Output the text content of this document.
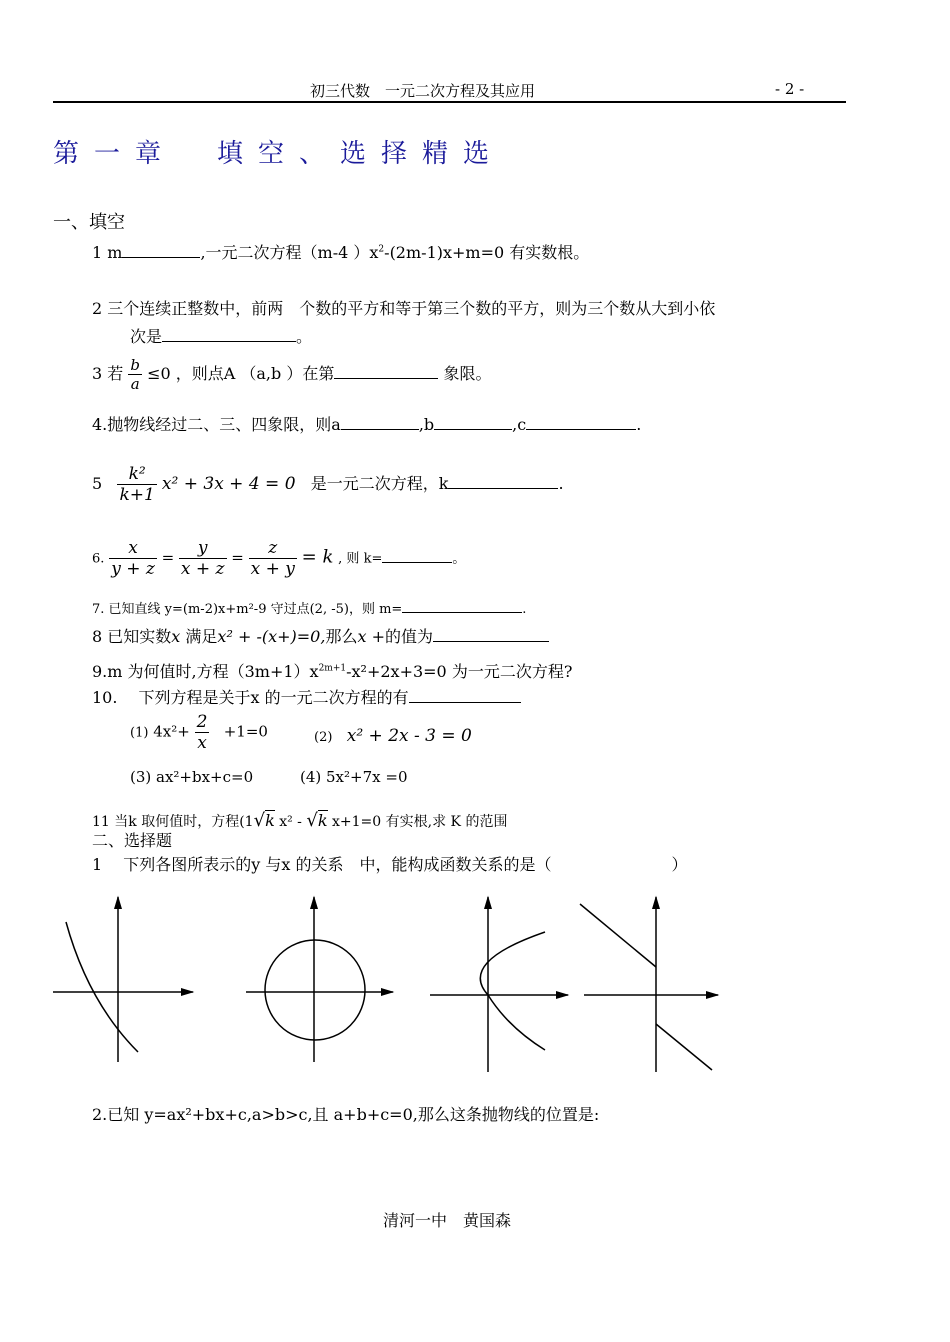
初三代数　一元二次方程及其应用	- 2 -
第一章　填空、选择精选
一、填空
1 m	,一元二次方程（m-4 ）$x^2-(2m-1)x+m=0$ 有实数根。
2 三个连续正整数中，前两　个数的平方和等于第三个数的平方，则为三个数从大到小依
次是	。
3 若 $\frac{b}{a} \le 0$ ，则点A （a,b ）在第	象限。
4.抛物线经过二、三、四象限，则a	,b	,c	.
$5 \frac{\text{k²}}{k+1} x^2 + 3x + 4 = 0$ 是一元二次方程，k	.
6. $\frac{x}{y + z} = \frac{y}{x + z} = \frac{z}{x + y} = k$ , 则 k=	。
7. 已知直线 y=(m-2)x+m²-9 守过点(2, -5)，则 m=	.
8 已知实数x 满足x² + -(x+)=0,那么x +的值为
9.m 为何值时,方程$(3m+1)x^{2m+1}-x^2+2x+3=0$ 为一元二次方程?
10.　 下列方程是关于x 的一元二次方程的有
(1) $4x^2+ \frac{2}{x} +1=0$	(2) x² + 2x - 3 = 0
(3) ax²+bx+c=0	(4) 5x²+7x =0
11 当k 取何值时，方程(1√k x² - √k x+1=0 有实根,求 K 的范围
二、选择题
1　 下列各图所表示的y 与x 的关系　中，能构成函数关系的是（	）
2.已知 y=ax²+bx+c,a>b>c,且 a+b+c=0,那么这条抛物线的位置是:
清河一中　黄国森
